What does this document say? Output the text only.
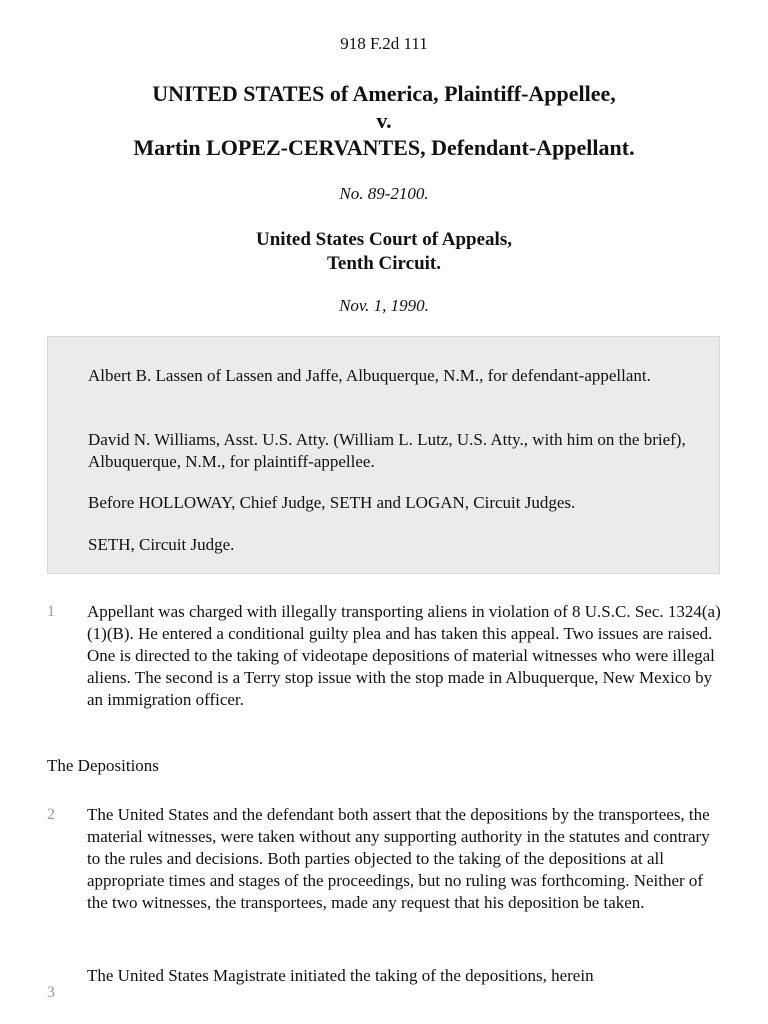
918 F.2d 111
UNITED STATES of America, Plaintiff-Appellee,
v.
Martin LOPEZ-CERVANTES, Defendant-Appellant.
No. 89-2100.
United States Court of Appeals,
Tenth Circuit.
Nov. 1, 1990.

Albert B. Lassen of Lassen and Jaffe, Albuquerque, N.M., for defendant-appellant.

David N. Williams, Asst. U.S. Atty. (William L. Lutz, U.S. Atty., with him on the brief), Albuquerque, N.M., for plaintiff-appellee.

Before HOLLOWAY, Chief Judge, SETH and LOGAN, Circuit Judges.

SETH, Circuit Judge.

1	Appellant was charged with illegally transporting aliens in violation of 8 U.S.C. Sec. 1324(a)(1)(B). He entered a conditional guilty plea and has taken this appeal. Two issues are raised. One is directed to the taking of videotape depositions of material witnesses who were illegal aliens. The second is a Terry stop issue with the stop made in Albuquerque, New Mexico by an immigration officer.

The Depositions
2	The United States and the defendant both assert that the depositions by the transportees, the material witnesses, were taken without any supporting authority in the statutes and contrary to the rules and decisions. Both parties objected to the taking of the depositions at all appropriate times and stages of the proceedings, but no ruling was forthcoming. Neither of the two witnesses, the transportees, made any request that his deposition be taken.

3

The United States Magistrate initiated the taking of the depositions, herein
